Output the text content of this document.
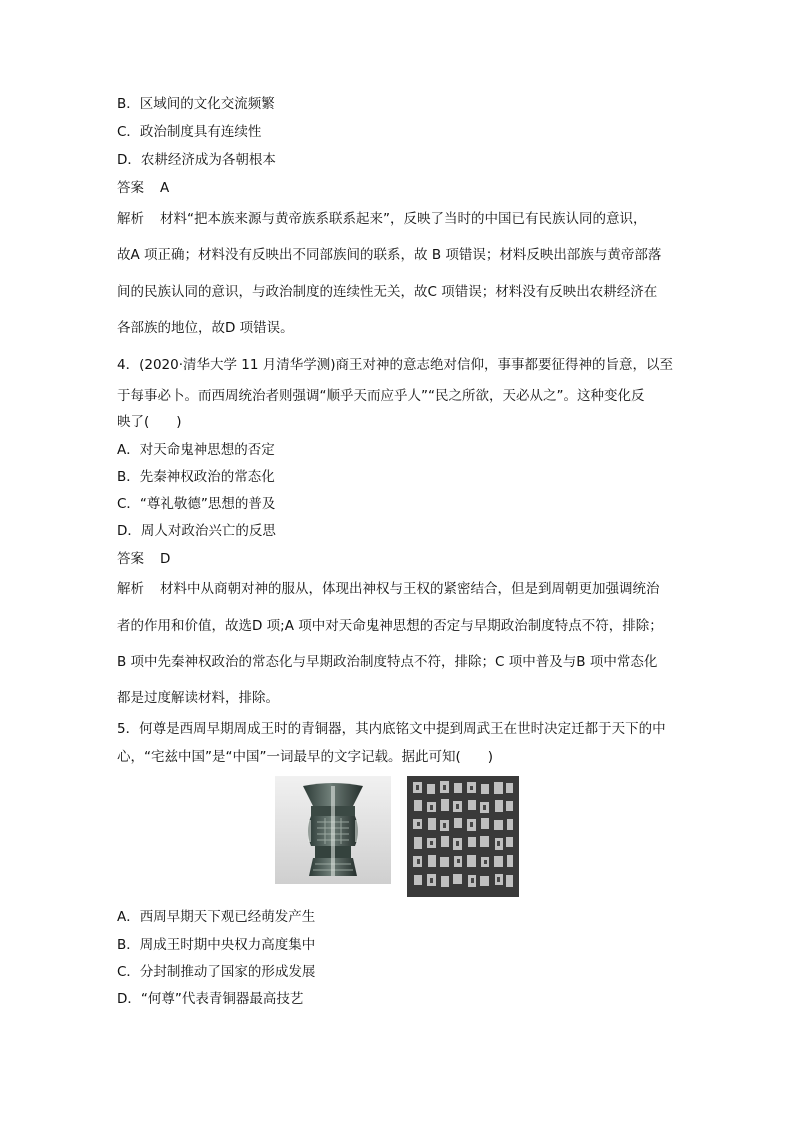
B．区域间的文化交流频繁
C．政治制度具有连续性
D．农耕经济成为各朝根本
答案 A
解析 材料“把本族来源与黄帝族系联系起来”，反映了当时的中国已有民族认同的意识，
故A 项正确；材料没有反映出不同部族间的联系，故 B 项错误；材料反映出部族与黄帝部落
间的民族认同的意识，与政治制度的连续性无关，故C 项错误；材料没有反映出农耕经济在
各部族的地位，故D 项错误。
4．(2020·清华大学 11 月清华学测)商王对神的意志绝对信仰，事事都要征得神的旨意，以至
于每事必卜。而西周统治者则强调“顺乎天而应乎人”“民之所欲，天必从之”。这种变化反
映了(　　)
A．对天命鬼神思想的否定
B．先秦神权政治的常态化
C．“尊礼敬德”思想的普及
D．周人对政治兴亡的反思
答案 D
解析 材料中从商朝对神的服从，体现出神权与王权的紧密结合，但是到周朝更加强调统治
者的作用和价值，故选D 项;A 项中对天命鬼神思想的否定与早期政治制度特点不符，排除；
B 项中先秦神权政治的常态化与早期政治制度特点不符，排除；C 项中普及与B 项中常态化
都是过度解读材料，排除。
5．何尊是西周早期周成王时的青铜器，其内底铭文中提到周武王在世时决定迁都于天下的中
心，“宅兹中国”是“中国”一词最早的文字记载。据此可知(　　)
A．西周早期天下观已经萌发产生
B．周成王时期中央权力高度集中
C．分封制推动了国家的形成发展
D．“何尊”代表青铜器最高技艺
